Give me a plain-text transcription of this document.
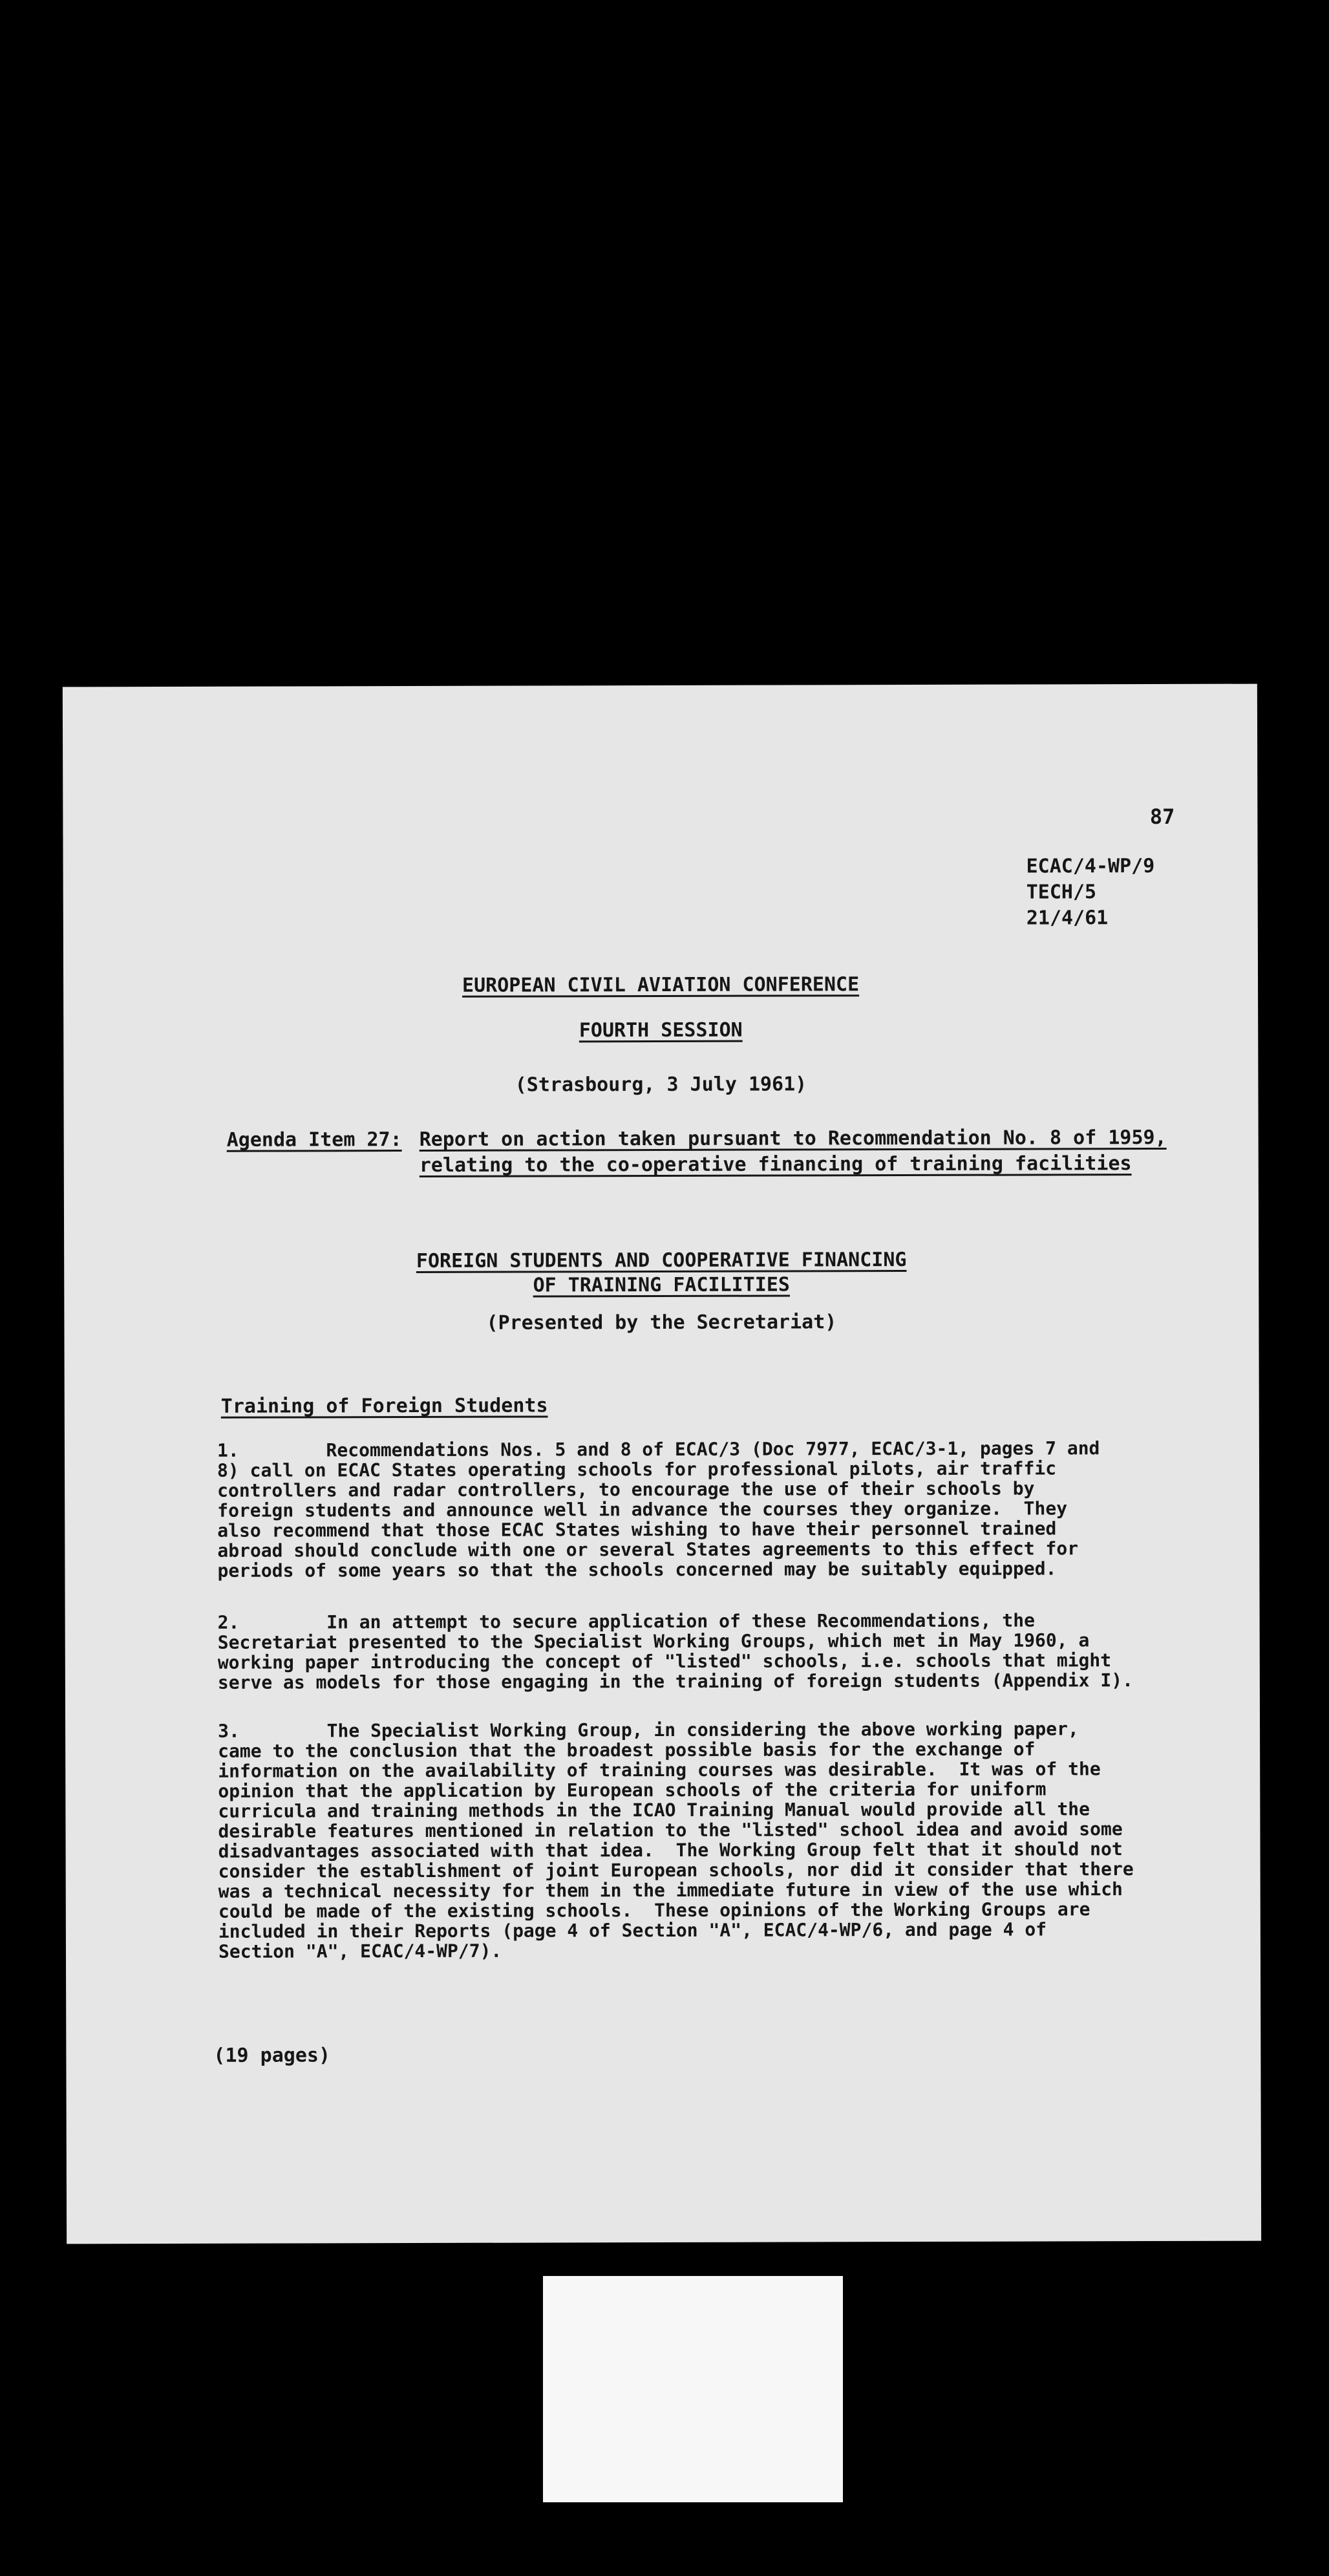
87
ECAC/4-WP/9
TECH/5
21/4/61
EUROPEAN CIVIL AVIATION CONFERENCE
FOURTH SESSION
(Strasbourg, 3 July 1961)
Agenda Item 27: Report on action taken pursuant to Recommendation No. 8 of 1959,
relating to the co-operative financing of training facilities
FOREIGN STUDENTS AND COOPERATIVE FINANCING
OF TRAINING FACILITIES
(Presented by the Secretariat)
Training of Foreign Students
1.        Recommendations Nos. 5 and 8 of ECAC/3 (Doc 7977, ECAC/3-1, pages 7 and
8) call on ECAC States operating schools for professional pilots, air traffic
controllers and radar controllers, to encourage the use of their schools by
foreign students and announce well in advance the courses they organize.  They
also recommend that those ECAC States wishing to have their personnel trained
abroad should conclude with one or several States agreements to this effect for
periods of some years so that the schools concerned may be suitably equipped.
2.        In an attempt to secure application of these Recommendations, the
Secretariat presented to the Specialist Working Groups, which met in May 1960, a
working paper introducing the concept of "listed" schools, i.e. schools that might
serve as models for those engaging in the training of foreign students (Appendix I).
3.        The Specialist Working Group, in considering the above working paper,
came to the conclusion that the broadest possible basis for the exchange of
information on the availability of training courses was desirable.  It was of the
opinion that the application by European schools of the criteria for uniform
curricula and training methods in the ICAO Training Manual would provide all the
desirable features mentioned in relation to the "listed" school idea and avoid some
disadvantages associated with that idea.  The Working Group felt that it should not
consider the establishment of joint European schools, nor did it consider that there
was a technical necessity for them in the immediate future in view of the use which
could be made of the existing schools.  These opinions of the Working Groups are
included in their Reports (page 4 of Section "A", ECAC/4-WP/6, and page 4 of
Section "A", ECAC/4-WP/7).
(19 pages)
